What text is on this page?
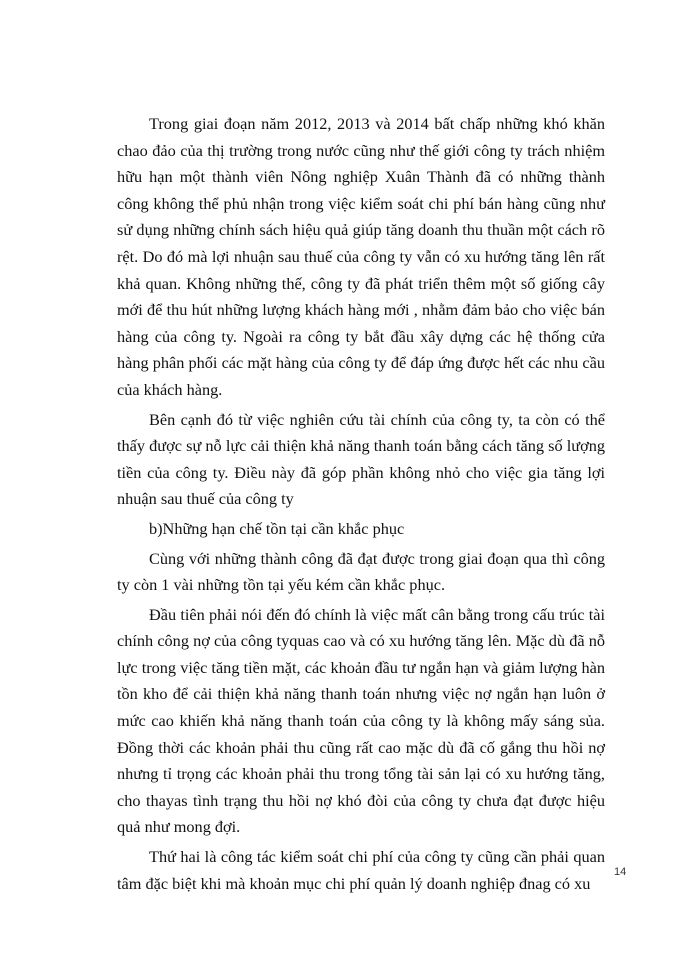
Trong giai đoạn năm 2012, 2013 và 2014 bất chấp những khó khăn chao đảo của thị trường trong nước cũng như thế giới công ty trách nhiệm hữu hạn một thành viên Nông nghiệp Xuân Thành đã có những thành công không thể phủ nhận trong việc kiểm soát chi phí bán hàng cũng như sử dụng những chính sách hiệu quả giúp tăng doanh thu thuần một cách rõ rệt. Do đó mà lợi nhuận sau thuế của công ty vẫn có xu hướng tăng lên rất khả quan. Không những thế, công ty đã phát triển thêm một số giống cây mới để thu hút những lượng khách hàng mới , nhằm đảm bảo cho việc bán hàng của công ty. Ngoài ra công ty bắt đầu xây dựng các hệ thống cửa hàng phân phối các mặt hàng của công ty để đáp ứng được hết các nhu cầu của khách hàng.

Bên cạnh đó từ việc nghiên cứu tài chính của công ty, ta còn có thể thấy được sự nỗ lực cải thiện khả năng thanh toán bằng cách tăng số lượng tiền của công ty. Điều này đã góp phần không nhỏ cho việc gia tăng lợi nhuận sau thuế của công ty

b)Những hạn chế tồn tại cần khắc phục

Cùng với những thành công đã đạt được trong giai đoạn qua thì công ty còn 1 vài những tồn tại yếu kém cần khắc phục.

Đầu tiên phải nói đến đó chính là việc mất cân bằng trong cấu trúc tài chính công nợ của công tyquas cao và có xu hướng tăng lên. Mặc dù đã nỗ lực trong việc tăng tiền mặt, các khoản đầu tư ngắn hạn và giảm lượng hàn tồn kho để cải thiện khả năng thanh toán nhưng việc nợ ngắn hạn luôn ở mức cao khiến khả năng thanh toán của công ty là không mấy sáng sủa. Đồng thời các khoản phải thu cũng rất cao mặc dù đã cố gắng thu hồi nợ nhưng tỉ trọng các khoản phải thu trong tổng tài sản lại có xu hướng tăng, cho thayas tình trạng thu hồi nợ khó đòi của công ty chưa đạt được hiệu quả như mong đợi.

Thứ hai là công tác kiểm soát chi phí của công ty cũng cần phải quan tâm đặc biệt khi mà khoản mục chi phí quản lý doanh nghiệp đnag có xu

14
